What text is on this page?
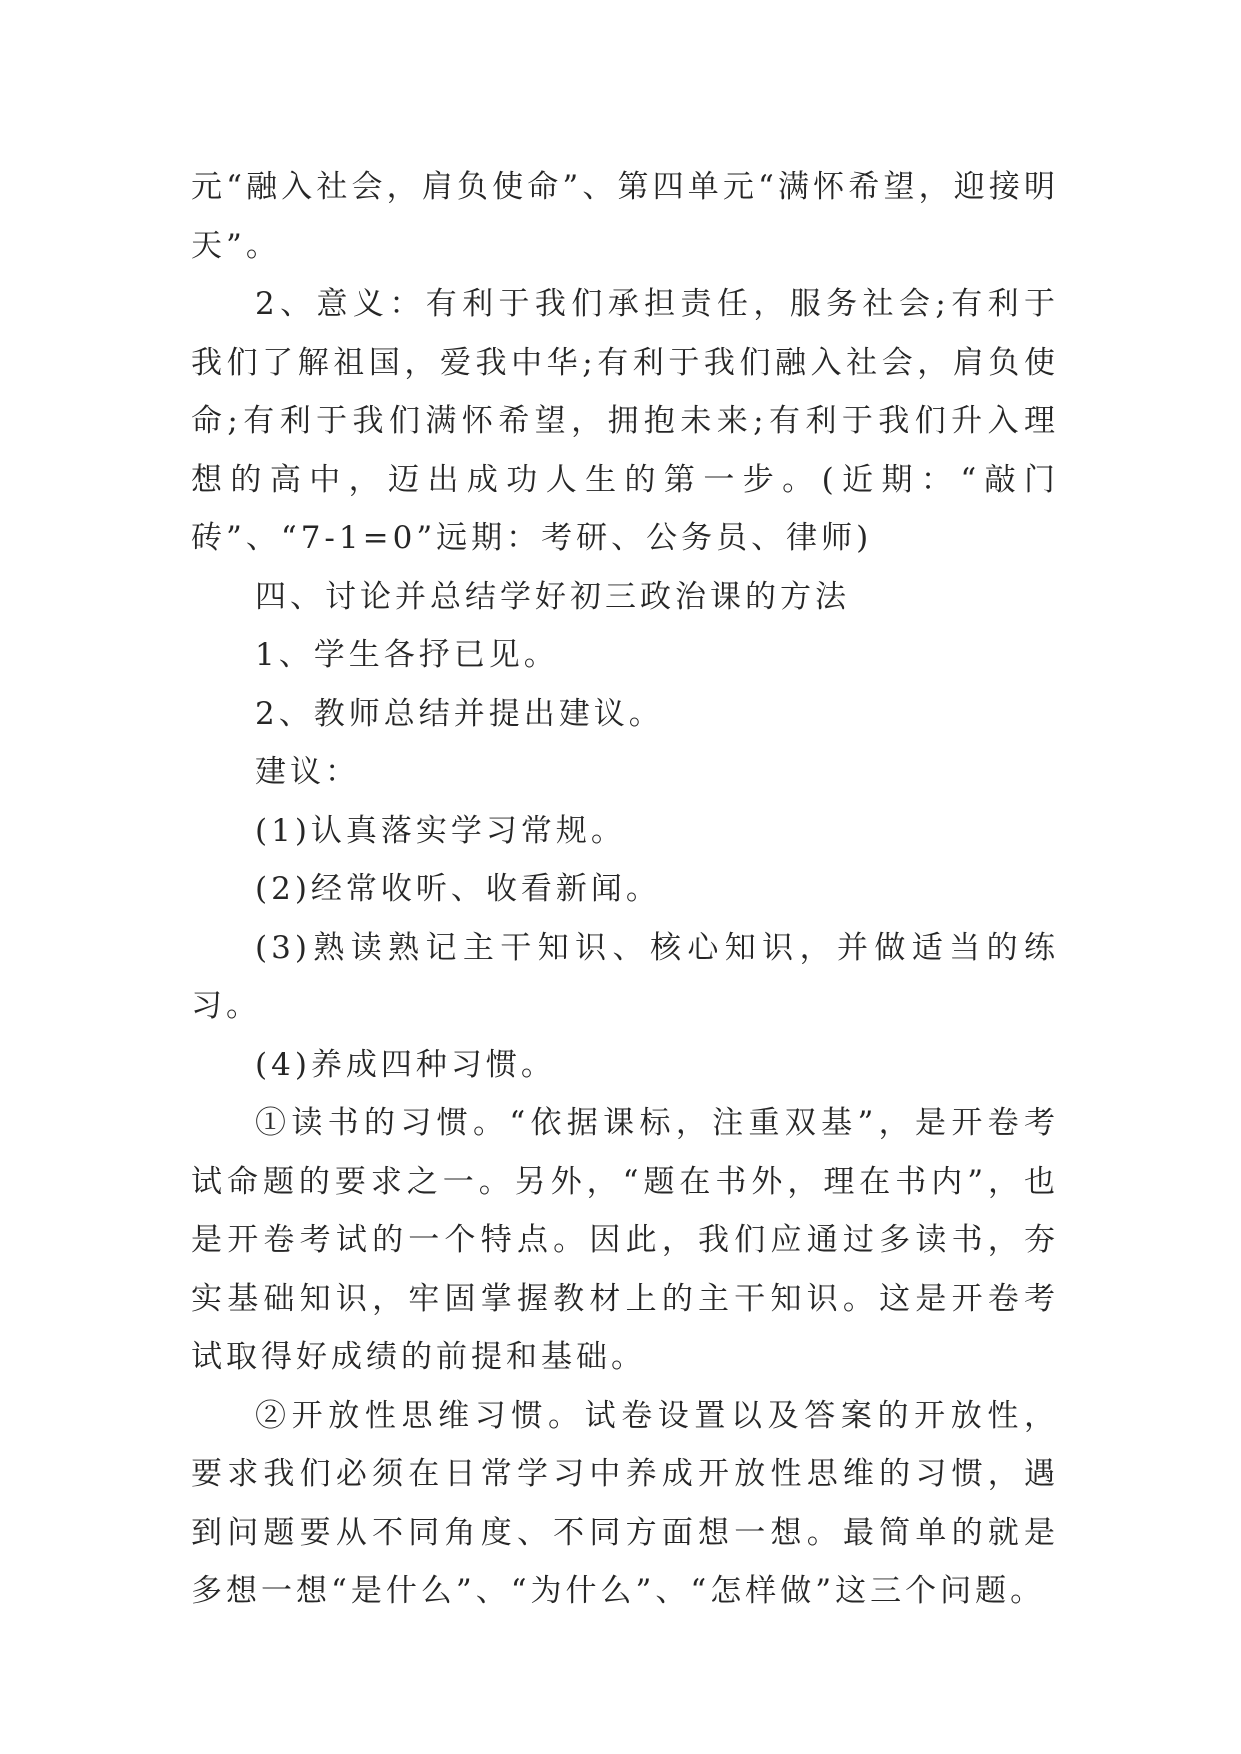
元“融入社会，肩负使命”、第四单元“满怀希望，迎接明天”。

2、意义：有利于我们承担责任，服务社会;有利于我们了解祖国，爱我中华;有利于我们融入社会，肩负使命;有利于我们满怀希望，拥抱未来;有利于我们升入理想的高中，迈出成功人生的第一步。(近期：“敲门砖”、“7-1=0”远期：考研、公务员、律师)

四、讨论并总结学好初三政治课的方法

1、学生各抒已见。

2、教师总结并提出建议。

建议：

(1)认真落实学习常规。

(2)经常收听、收看新闻。

(3)熟读熟记主干知识、核心知识，并做适当的练习。

(4)养成四种习惯。

①读书的习惯。“依据课标，注重双基”，是开卷考试命题的要求之一。另外，“题在书外，理在书内”，也是开卷考试的一个特点。因此，我们应通过多读书，夯实基础知识，牢固掌握教材上的主干知识。这是开卷考试取得好成绩的前提和基础。

②开放性思维习惯。试卷设置以及答案的开放性，要求我们必须在日常学习中养成开放性思维的习惯，遇到问题要从不同角度、不同方面想一想。最简单的就是多想一想“是什么”、“为什么”、“怎样做”这三个问题。
